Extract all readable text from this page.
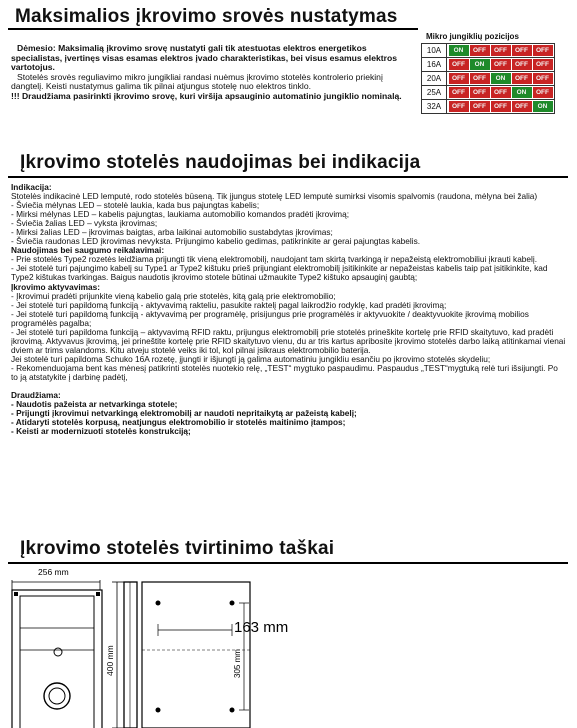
Maksimalios įkrovimo srovės nustatymas
Mikro jungiklių pozicijos
10A	ON OFF OFF OFF OFF
16A	OFF ON OFF OFF OFF
20A	OFF OFF ON OFF OFF
25A	OFF OFF OFF ON OFF
32A	OFF OFF OFF OFF ON

Dėmesio: Maksimalią įkrovimo srovę nustatyti gali tik atestuotas elektros energetikos specialistas, įvertinęs visas esamas elektros įvado charakteristikas, bei visus esamus elektros vartotojus.

Stotelės srovės reguliavimo mikro jungikliai randasi nuėmus įkrovimo stotelės kontrolerio priekinį dangtelį. Keisti nustatymus galima tik pilnai atjungus stotelę nuo elektros tinklo.

!!! Draudžiama pasirinkti įkrovimo srovę, kuri viršija apsauginio automatinio jungiklio nominalą.

Įkrovimo stotelės naudojimas bei indikacija

Indikacija:

Stotelės indikacinė LED lemputė, rodo stotelės būseną. Tik įjungus stotelę LED lemputė sumirksi visomis spalvomis (raudona, mėlyna bei žalia)

- Šviečia mėlynas LED – stotelė laukia, kada bus pajungtas kabelis;

- Mirksi mėlynas LED – kabelis pajungtas, laukiama automobilio komandos pradėti įkrovimą;

- Šviečia žalias LED – vyksta įkrovimas;

- Mirksi žalias LED – įkrovimas baigtas, arba laikinai automobilio sustabdytas įkrovimas;

- Šviečia raudonas LED įkrovimas nevyksta. Prijungimo kabelio gedimas, patikrinkite ar gerai pajungtas kabelis.

Naudojimas bei saugumo reikalavimai:

- Prie stotelės Type2 rozetės leidžiama prijungti tik vieną elektromobilį, naudojant tam skirtą tvarkingą ir nepažeistą elektromobiliui įkrauti kabelį.

- Jei stotelė turi pajungimo kabelį su Type1 ar Type2 kištuku prieš prijungiant elektromobilį įsitikinkite ar nepažeistas kabelis taip pat įsitikinkite, kad Type2 kištukas tvarkingas. Baigus naudotis įkrovimo stotele būtinai užmaukite Type2 kištuko apsauginį gaubtą;

Įkrovimo aktyvavimas:

- Įkrovimui pradėti prijunkite vieną kabelio galą prie stotelės, kitą galą prie elektromobilio;

- Jei stotelė turi papildomą funkciją - aktyvavimą rakteliu, pasukite raktelį pagal laikrodžio rodyklę, kad pradėti įkrovimą;

- Jei stotelė turi papildomą funkciją - aktyvavimą per programėlę, prisijungus prie programėlės ir aktyvuokite / deaktyvuokite įkrovimą mobilios programėlės pagalba;

- Jei stotelė turi papildoma funkciją – aktyvavimą RFID raktu, prijungus elektromobilį prie stotelės prineškite kortelę prie RFID skaitytuvo, kad pradėti įkrovimą. Aktyvavus įkrovimą, jei prineštite kortelę prie RFID skaitytuvo vienu, du ar tris kartus apribosite įkrovimo stotelės darbo laiką atitinkamai vienai dviem ar trims valandoms. Kitu atveju stotelė veiks iki tol, kol pilnai įsikraus elektromobilio baterija.

Jei stotelė turi papildoma Schuko 16A rozetę, įjungti ir išjungti ją galima automatiniu jungikliu esančiu po įkrovimo stotelės skydeliu;

- Rekomenduojama bent kas mėnesį patikrinti stotelės nuotekio relę, „TEST“ mygtuko paspaudimu. Paspaudus „TEST“mygtuką relė turi išsijungti. Po to ją atstatykite į darbinę padėtį,

Draudžiama:

- Naudotis pažeista ar netvarkinga stotele;

- Prijungti įkrovimui netvarkingą elektromobilį ar naudoti nepritaikytą ar pažeistą kabelį;

- Atidaryti stotelės korpusą, neatjungus elektromobilio ir stotelės maitinimo įtampos;

- Keisti ar modernizuoti stotelės konstrukciją;

Įkrovimo stotelės tvirtinimo taškai
256 mm
400 mm
163 mm
305 mm
